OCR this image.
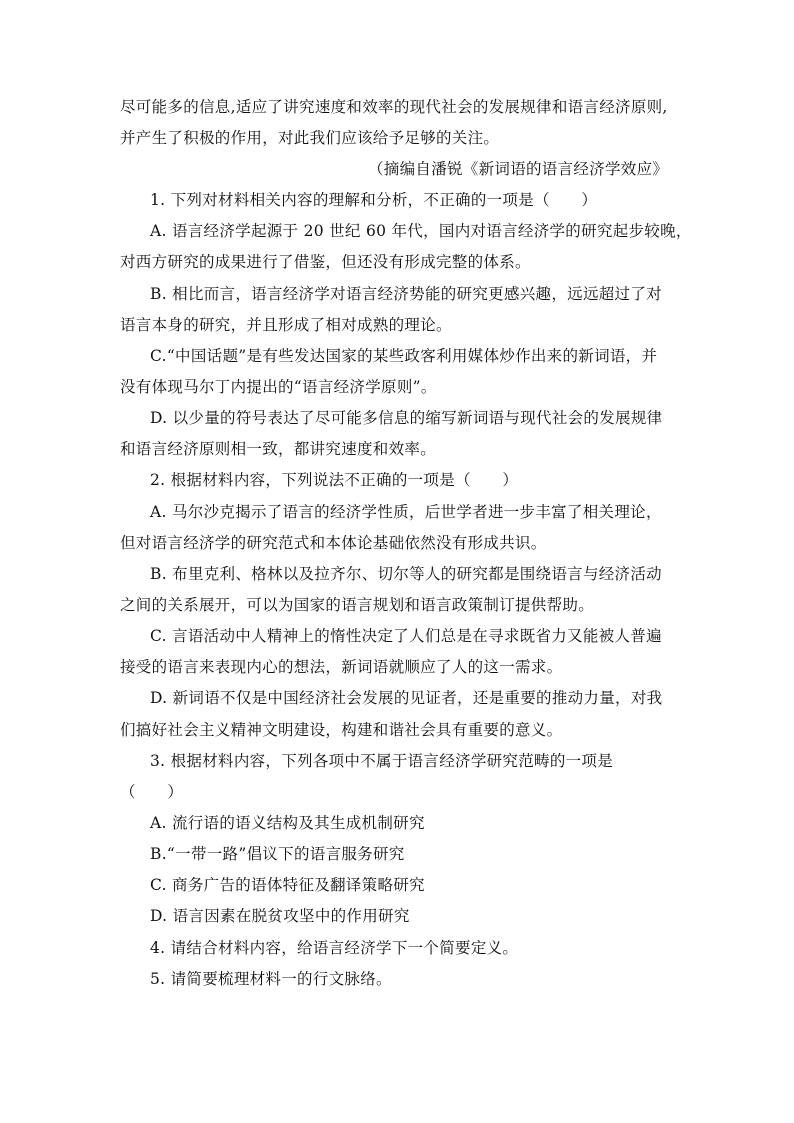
尽可能多的信息,适应了讲究速度和效率的现代社会的发展规律和语言经济原则,
并产生了积极的作用，对此我们应该给予足够的关注。
（摘编自潘锐《新词语的语言经济学效应》
1. 下列对材料相关内容的理解和分析，不正确的一项是（　　）
A. 语言经济学起源于 20 世纪 60 年代，国内对语言经济学的研究起步较晚，
对西方研究的成果进行了借鉴，但还没有形成完整的体系。
B. 相比而言，语言经济学对语言经济势能的研究更感兴趣，远远超过了对
语言本身的研究，并且形成了相对成熟的理论。
C.“中国话题”是有些发达国家的某些政客利用媒体炒作出来的新词语，并
没有体现马尔丁内提出的“语言经济学原则”。
D. 以少量的符号表达了尽可能多信息的缩写新词语与现代社会的发展规律
和语言经济原则相一致，都讲究速度和效率。
2. 根据材料内容，下列说法不正确的一项是（　　）
A. 马尔沙克揭示了语言的经济学性质，后世学者进一步丰富了相关理论，
但对语言经济学的研究范式和本体论基础依然没有形成共识。
B. 布里克利、格林以及拉齐尔、切尔等人的研究都是围绕语言与经济活动
之间的关系展开，可以为国家的语言规划和语言政策制订提供帮助。
C. 言语活动中人精神上的惰性决定了人们总是在寻求既省力又能被人普遍
接受的语言来表现内心的想法，新词语就顺应了人的这一需求。
D. 新词语不仅是中国经济社会发展的见证者，还是重要的推动力量，对我
们搞好社会主义精神文明建设，构建和谐社会具有重要的意义。
3. 根据材料内容，下列各项中不属于语言经济学研究范畴的一项是
（　　）
A. 流行语的语义结构及其生成机制研究
B.“一带一路”倡议下的语言服务研究
C. 商务广告的语体特征及翻译策略研究
D. 语言因素在脱贫攻坚中的作用研究
4. 请结合材料内容，给语言经济学下一个简要定义。
5. 请简要梳理材料一的行文脉络。
